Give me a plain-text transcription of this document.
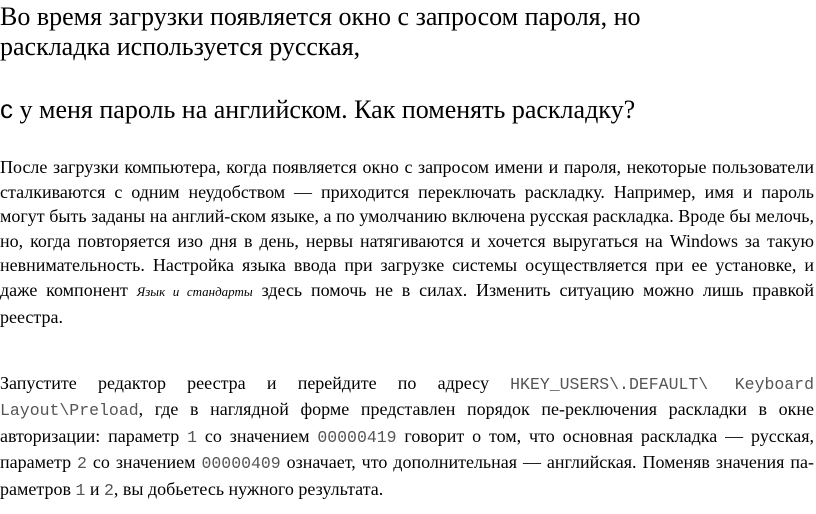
Во время загрузки появляется окно с запросом пароля, но
раскладка используется русская,
с у меня пароль на английском. Как поменять раскладку?
После загрузки компьютера, когда появляется окно с запросом имени и пароля, некоторые пользователи сталкиваются с одним неудобством — приходится переключать раскладку. Например, имя и пароль могут быть заданы на англий-ском языке, а по умолчанию включена русская раскладка. Вроде бы мелочь, но, когда повторяется изо дня в день, нервы натягиваются и хочется выругаться на Windows за такую невнимательность. Настройка языка ввода при загрузке системы осуществляется при ее установке, и даже компонент Язык и стандарты здесь помочь не в силах. Изменить ситуацию можно лишь правкой реестра.
Запустите редактор реестра и перейдите по адресу HKEY_USERS\.DEFAULT\ Keyboard Layout\Preload, где в наглядной форме представлен порядок пе-реключения раскладки в окне авторизации: параметр 1 со значением 00000419 говорит о том, что основная раскладка — русская, параметр 2 со значением 00000409 означает, что дополнительная — английская. Поменяв значения па-раметров 1 и 2, вы добьетесь нужного результата.
